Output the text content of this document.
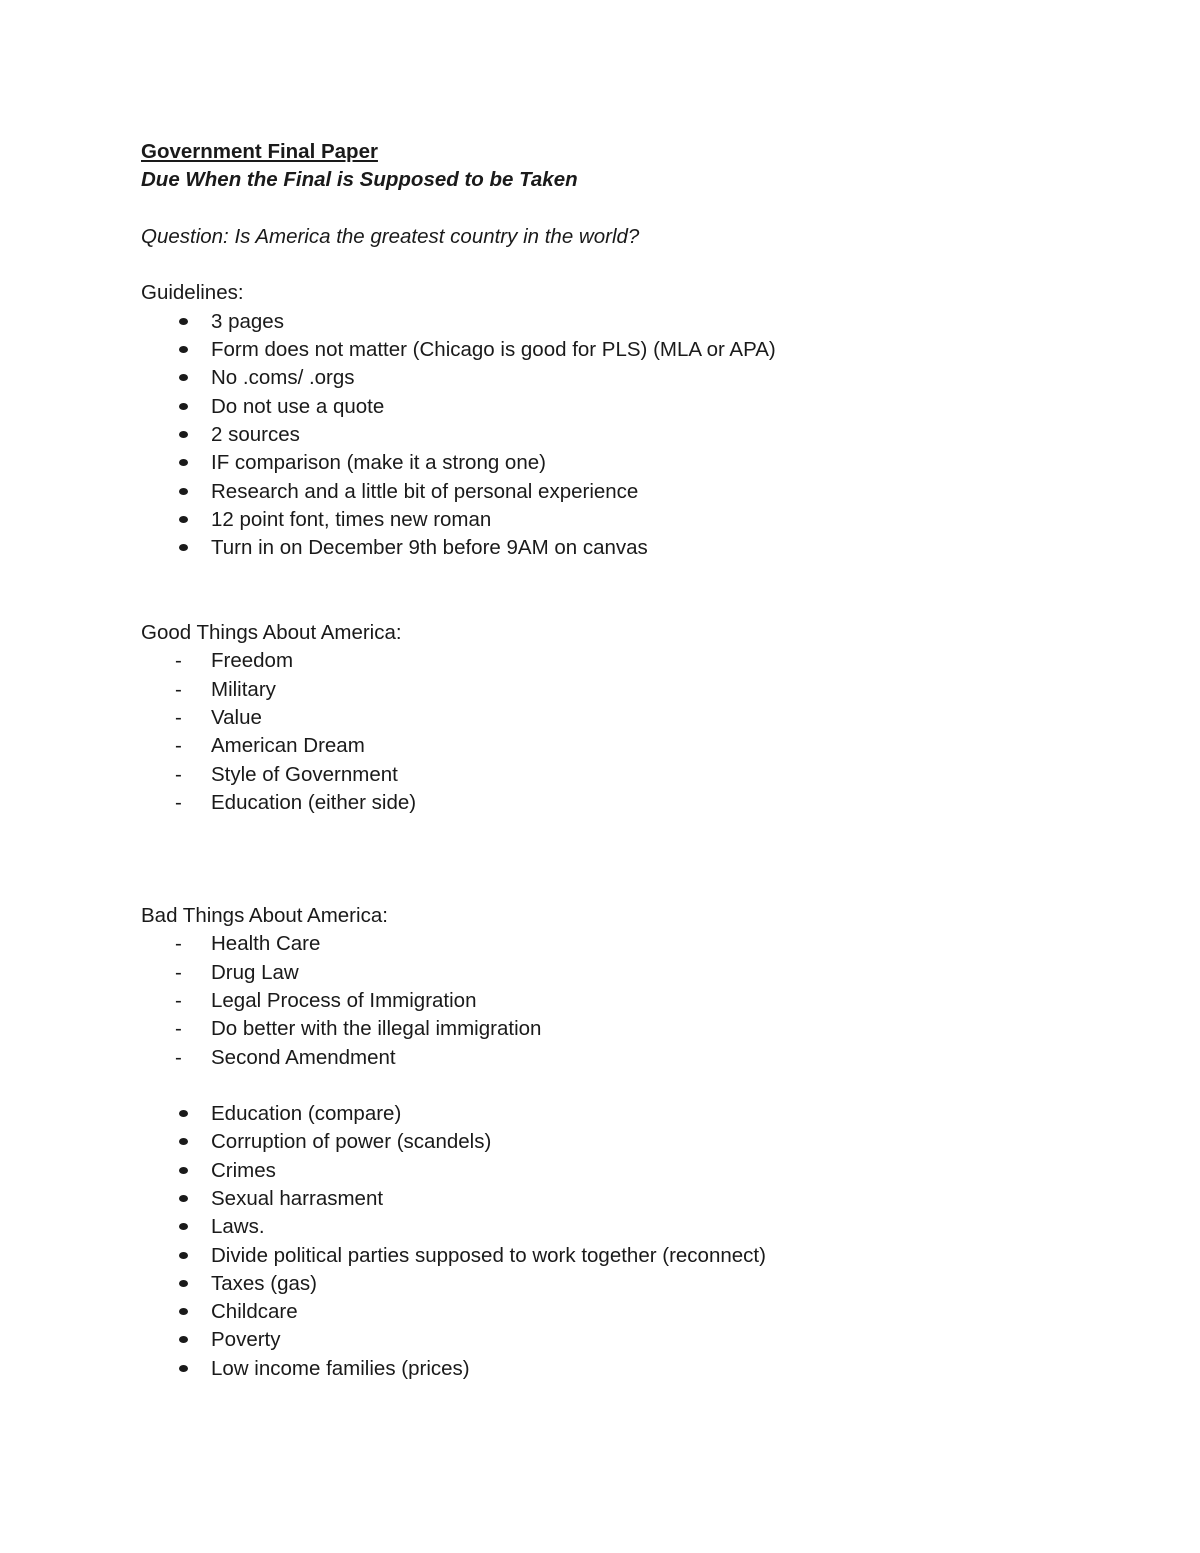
Government Final Paper

Due When the Final is Supposed to be Taken

Question: Is America the greatest country in the world?

Guidelines:

3 pages
Form does not matter (Chicago is good for PLS) (MLA or APA)
No .coms/ .orgs
Do not use a quote
2 sources
IF comparison (make it a strong one)
Research and a little bit of personal experience
12 point font, times new roman
Turn in on December 9th before 9AM on canvas

Good Things About America:

-	Freedom
-	Military
-	Value
-	American Dream
-	Style of Government
-	Education (either side)

Bad Things About America:

-	Health Care
-	Drug Law
-	Legal Process of Immigration
-	Do better with the illegal immigration
-	Second Amendment
Education (compare)
Corruption of power (scandels)
Crimes
Sexual harrasment
Laws.
Divide political parties supposed to work together (reconnect)
Taxes (gas)
Childcare
Poverty
Low income families (prices)
